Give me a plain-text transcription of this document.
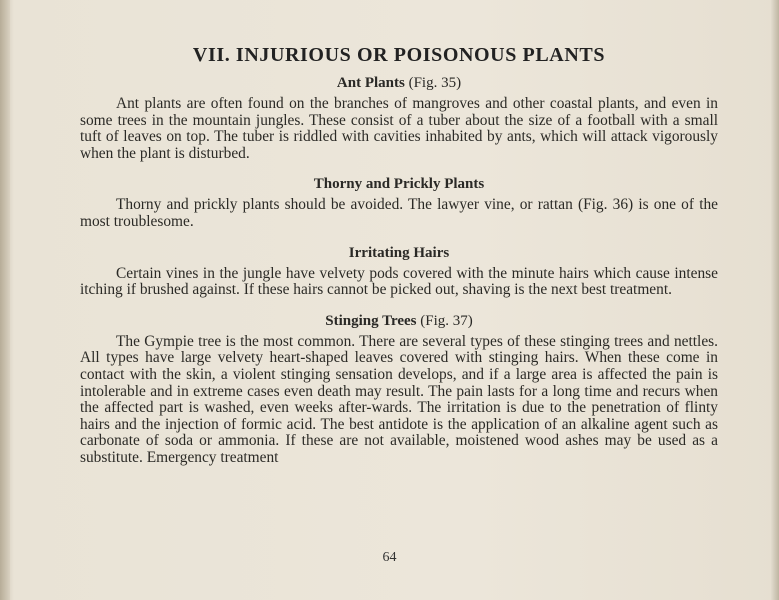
VII. INJURIOUS OR POISONOUS PLANTS
Ant Plants (Fig. 35)

Ant plants are often found on the branches of mangroves and other coastal plants, and even in some trees in the mountain jungles. These consist of a tuber about the size of a football with a small tuft of leaves on top. The tuber is riddled with cavities inhabited by ants, which will attack vigorously when the plant is disturbed.

Thorny and Prickly Plants

Thorny and prickly plants should be avoided. The lawyer vine, or rattan (Fig. 36) is one of the most troublesome.

Irritating Hairs

Certain vines in the jungle have velvety pods covered with the minute hairs which cause intense itching if brushed against. If these hairs cannot be picked out, shaving is the next best treatment.

Stinging Trees (Fig. 37)

The Gympie tree is the most common. There are several types of these stinging trees and nettles. All types have large velvety heart-shaped leaves covered with stinging hairs. When these come in contact with the skin, a violent stinging sensation develops, and if a large area is affected the pain is intolerable and in extreme cases even death may result. The pain lasts for a long time and recurs when the affected part is washed, even weeks after-wards. The irritation is due to the penetration of flinty hairs and the injection of formic acid. The best antidote is the application of an alkaline agent such as carbonate of soda or ammonia. If these are not available, moistened wood ashes may be used as a substitute. Emergency treatment

64
